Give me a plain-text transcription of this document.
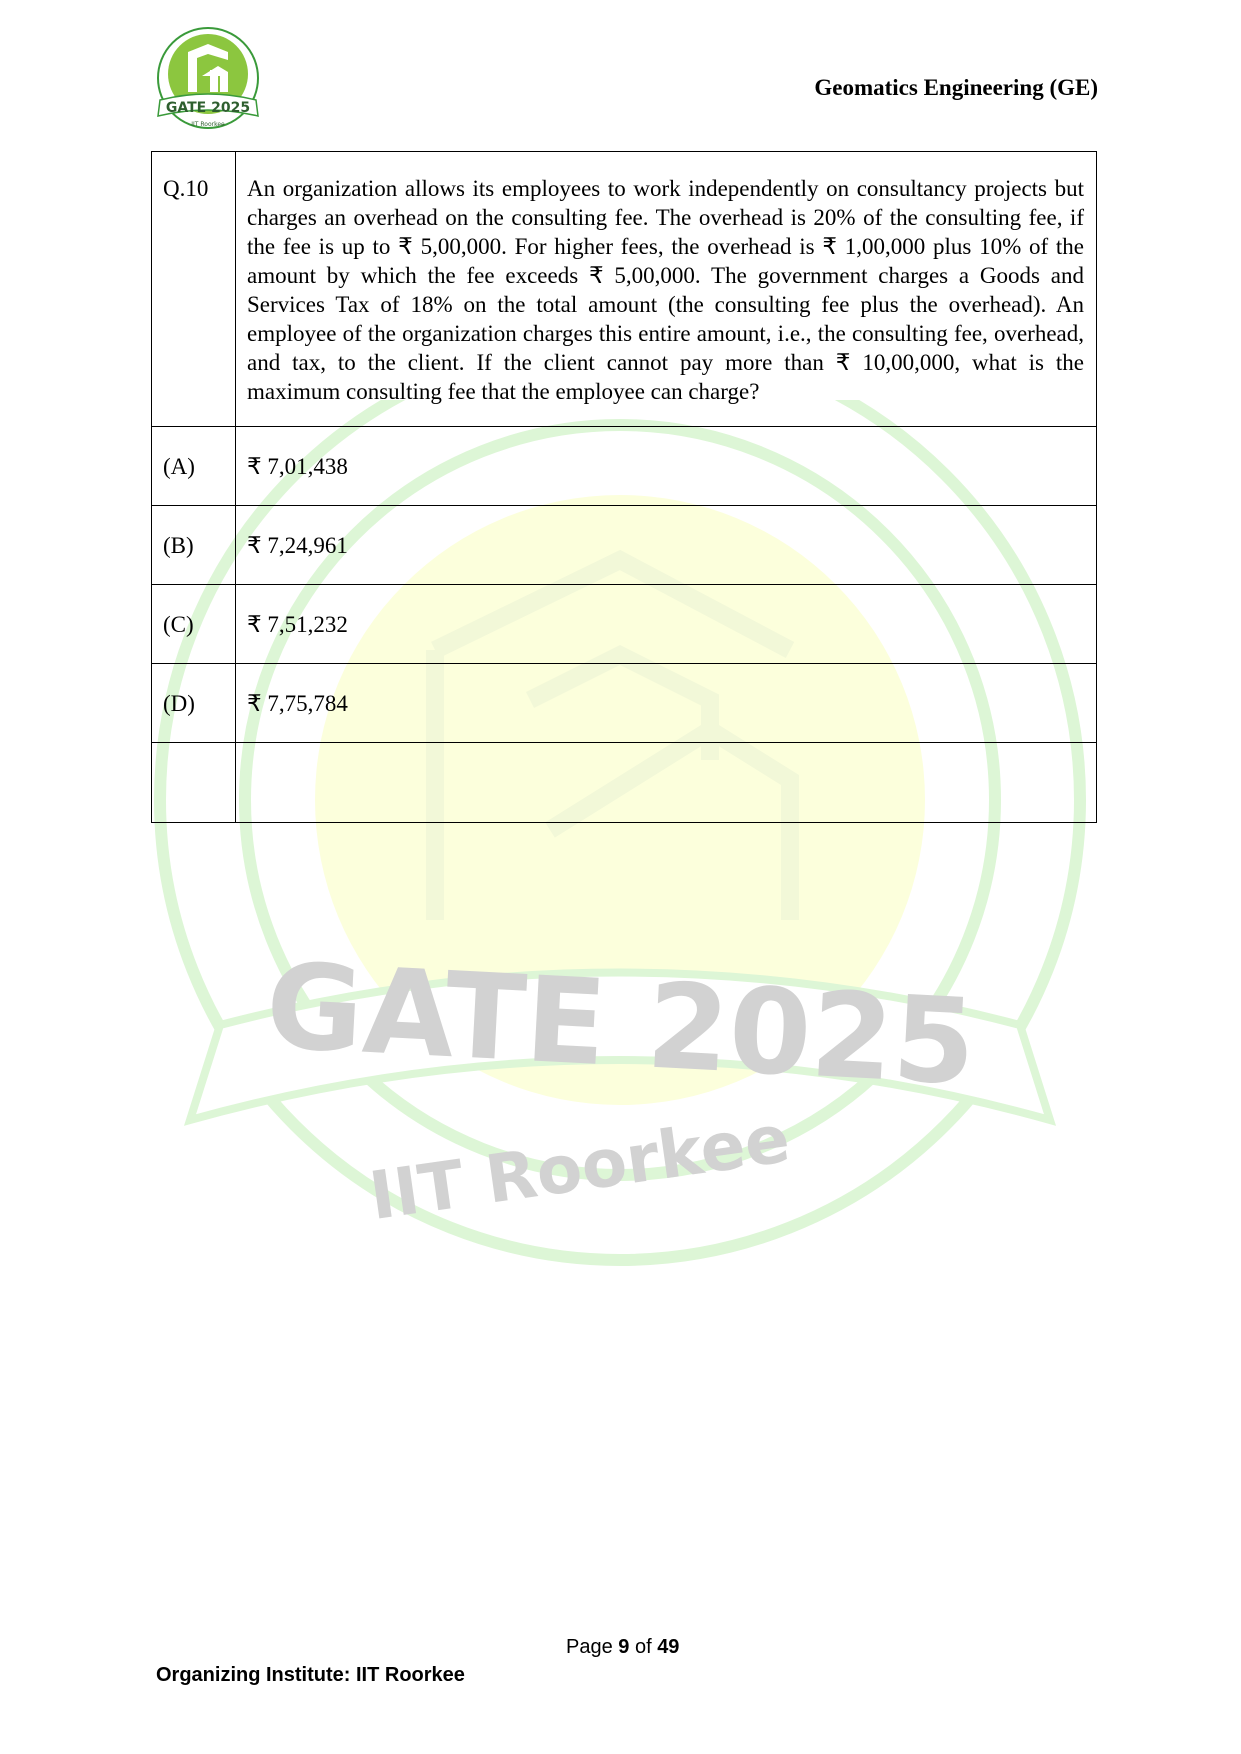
GATE 2025
IIT Roorkee
GATE 2025
IIT Roorkee
Geomatics Engineering (GE)
Q.10	An organization allows its employees to work independently on consultancy projects but charges an overhead on the consulting fee. The overhead is 20% of the consulting fee, if the fee is up to ₹ 5,00,000. For higher fees, the overhead is ₹ 1,00,000 plus 10% of the amount by which the fee exceeds ₹ 5,00,000. The government charges a Goods and Services Tax of 18% on the total amount (the consulting fee plus the overhead). An employee of the organization charges this entire amount, i.e., the consulting fee, overhead, and tax, to the client. If the client cannot pay more than ₹ 10,00,000, what is the maximum consulting fee that the employee can charge?
(A)	₹ 7,01,438
(B)	₹ 7,24,961
(C)	₹ 7,51,232
(D)	₹ 7,75,784

Page 9 of 49
Organizing Institute: IIT Roorkee
